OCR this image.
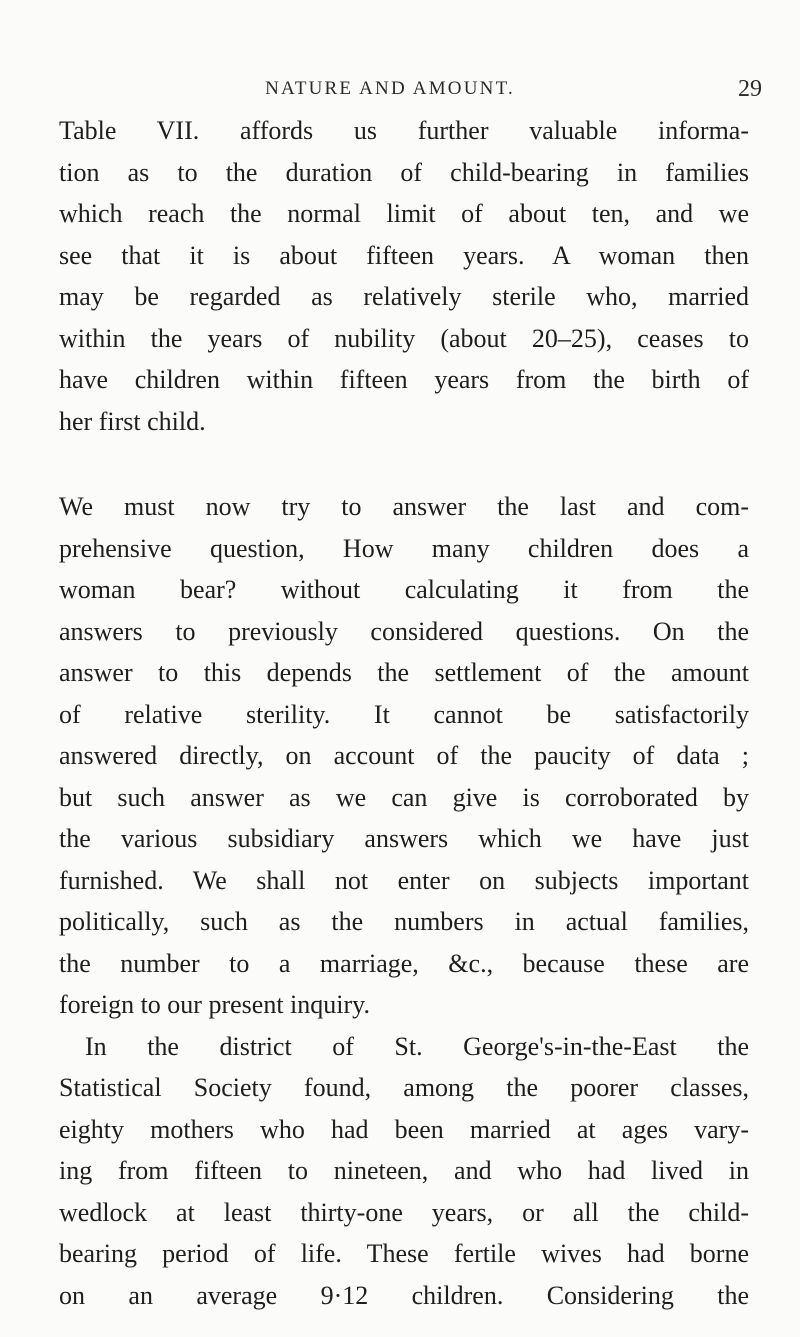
NATURE AND AMOUNT.	29
Table VII. affords us further valuable informa-
tion as to the duration of child-bearing in families
which reach the normal limit of about ten, and we
see that it is about fifteen years. A woman then
may be regarded as relatively sterile who, married
within the years of nubility (about 20–25), ceases to
have children within fifteen years from the birth of
her first child.
We must now try to answer the last and com-
prehensive question, How many children does a
woman bear? without calculating it from the
answers to previously considered questions. On the
answer to this depends the settlement of the amount
of relative sterility. It cannot be satisfactorily
answered directly, on account of the paucity of data ;
but such answer as we can give is corroborated by
the various subsidiary answers which we have just
furnished. We shall not enter on subjects important
politically, such as the numbers in actual families,
the number to a marriage, &c., because these are
foreign to our present inquiry.
In the district of St. George's-in-the-East the
Statistical Society found, among the poorer classes,
eighty mothers who had been married at ages vary-
ing from fifteen to nineteen, and who had lived in
wedlock at least thirty-one years, or all the child-
bearing period of life. These fertile wives had borne
on an average 9·12 children. Considering the
